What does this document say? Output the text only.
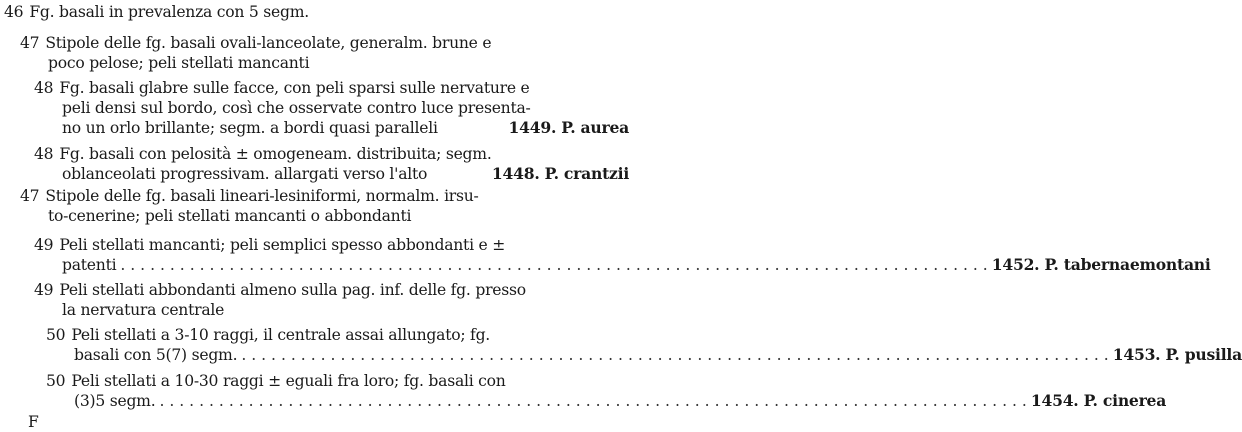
46 Fg. basali in prevalenza con 5 segm.
47 Stipole delle fg. basali ovali-lanceolate, generalm. brune e
poco pelose; peli stellati mancanti
48 Fg. basali glabre sulle facce, con peli sparsi sulle nervature e
peli densi sul bordo, così che osservate contro luce presenta-
no un orlo brillante; segm. a bordi quasi paralleli	1449. P. aurea
48 Fg. basali con pelosità ± omogeneam. distribuita; segm.
oblanceolati progressivam. allargati verso l'alto	1448. P. crantzii
47 Stipole delle fg. basali lineari-lesiniformi, normalm. irsu-
to-cenerine; peli stellati mancanti o abbondanti
49 Peli stellati mancanti; peli semplici spesso abbondanti e ±
patenti . . .	1452. P. tabernaemontani
49 Peli stellati abbondanti almeno sulla pag. inf. delle fg. presso
la nervatura centrale
50 Peli stellati a 3-10 raggi, il centrale assai allungato; fg.
basali con 5(7) segm. . . .	1453. P. pusilla
50 Peli stellati a 10-30 raggi ± eguali fra loro; fg. basali con
(3)5 segm. . . .	1454. P. cinerea
F
